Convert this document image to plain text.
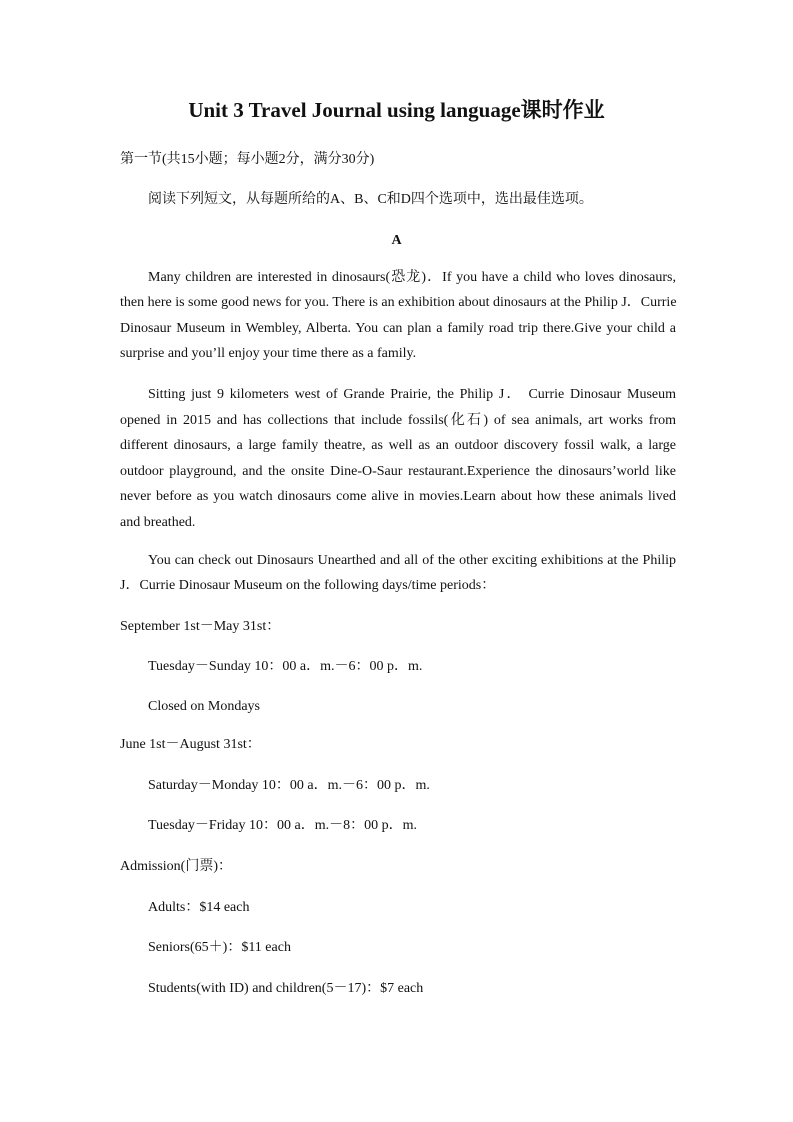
Unit 3 Travel Journal using language课时作业
第一节(共15小题；每小题2分，满分30分)
阅读下列短文，从每题所给的A、B、C和D四个选项中，选出最佳选项。
A
Many children are interested in dinosaurs(恐龙)．If you have a child who loves dinosaurs,
then here is some good news for you. There is an exhibition about dinosaurs at the Philip J．Currie
Dinosaur Museum in Wembley, Alberta. You can plan a family road trip there.Give your child a
surprise and you’ll enjoy your time there as a family.
Sitting just 9 kilometers west of Grande Prairie, the Philip J． Currie Dinosaur Museum
opened in 2015 and has collections that include fossils(化石) of sea animals, art works from
different dinosaurs, a large family theatre, as well as an outdoor discovery fossil walk, a large
outdoor playground, and the onsite Dine-O-Saur restaurant.Experience the dinosaurs’world like
never before as you watch dinosaurs come alive in movies.Learn about how these animals lived
and breathed.
You can check out Dinosaurs Unearthed and all of the other exciting exhibitions at the Philip
J．Currie Dinosaur Museum on the following days/time periods：
September 1st－May 31st：
Tuesday－Sunday 10：00 a．m.－6：00 p．m.
Closed on Mondays
June 1st－August 31st：
Saturday－Monday 10：00 a．m.－6：00 p．m.
Tuesday－Friday 10：00 a．m.－8：00 p．m.
Admission(门票)：
Adults：$14 each
Seniors(65＋)：$11 each
Students(with ID) and children(5－17)：$7 each
